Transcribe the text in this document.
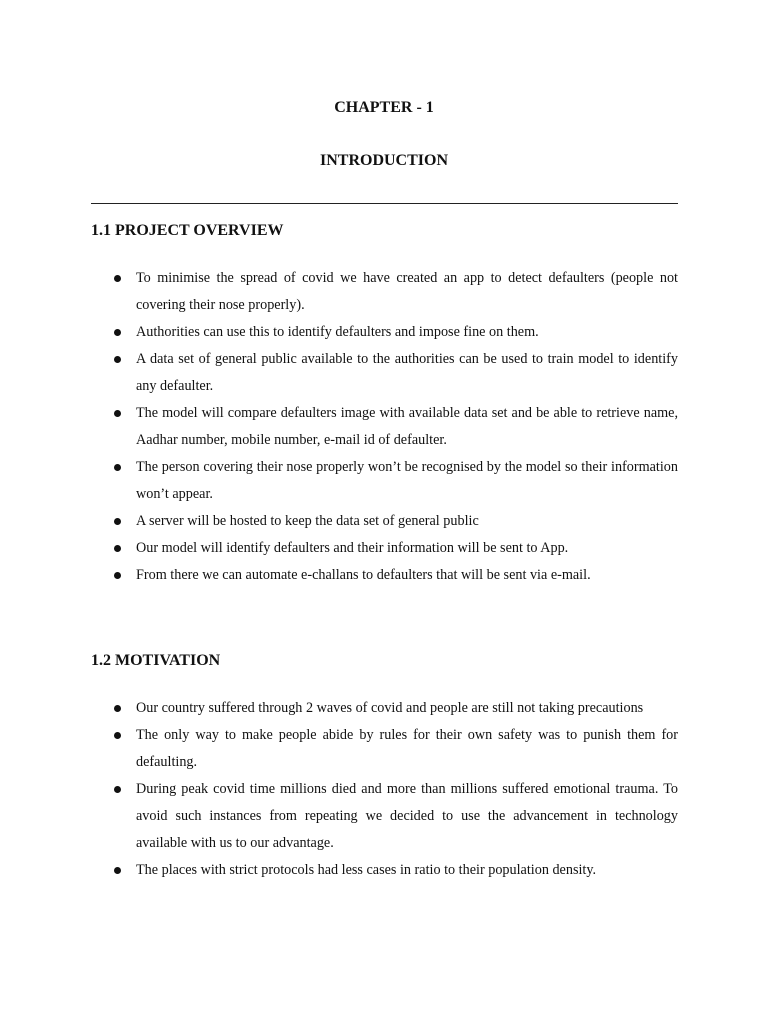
CHAPTER - 1
INTRODUCTION
1.1 PROJECT OVERVIEW
To minimise the spread of covid we have created an app to detect defaulters (people not covering their nose properly).
Authorities can use this to identify defaulters and impose fine on them.
A data set of general public available to the authorities can be used to train model to identify any defaulter.
The model will compare defaulters image with available data set and be able to retrieve name, Aadhar number, mobile number, e-mail id of defaulter.
The person covering their nose properly won’t be recognised by the model so their information won’t appear.
A server will be hosted to keep the data set of general public
Our model will identify defaulters and their information will be sent to App.
From there we can automate e-challans to defaulters that will be sent via e-mail.
1.2 MOTIVATION
Our country suffered through 2 waves of covid and people are still not taking precautions
The only way to make people abide by rules for their own safety was to punish them for defaulting.
During peak covid time millions died and more than millions suffered emotional trauma. To avoid such instances from repeating we decided to use the advancement in technology available with us to our advantage.
The places with strict protocols had less cases in ratio to their population density.
